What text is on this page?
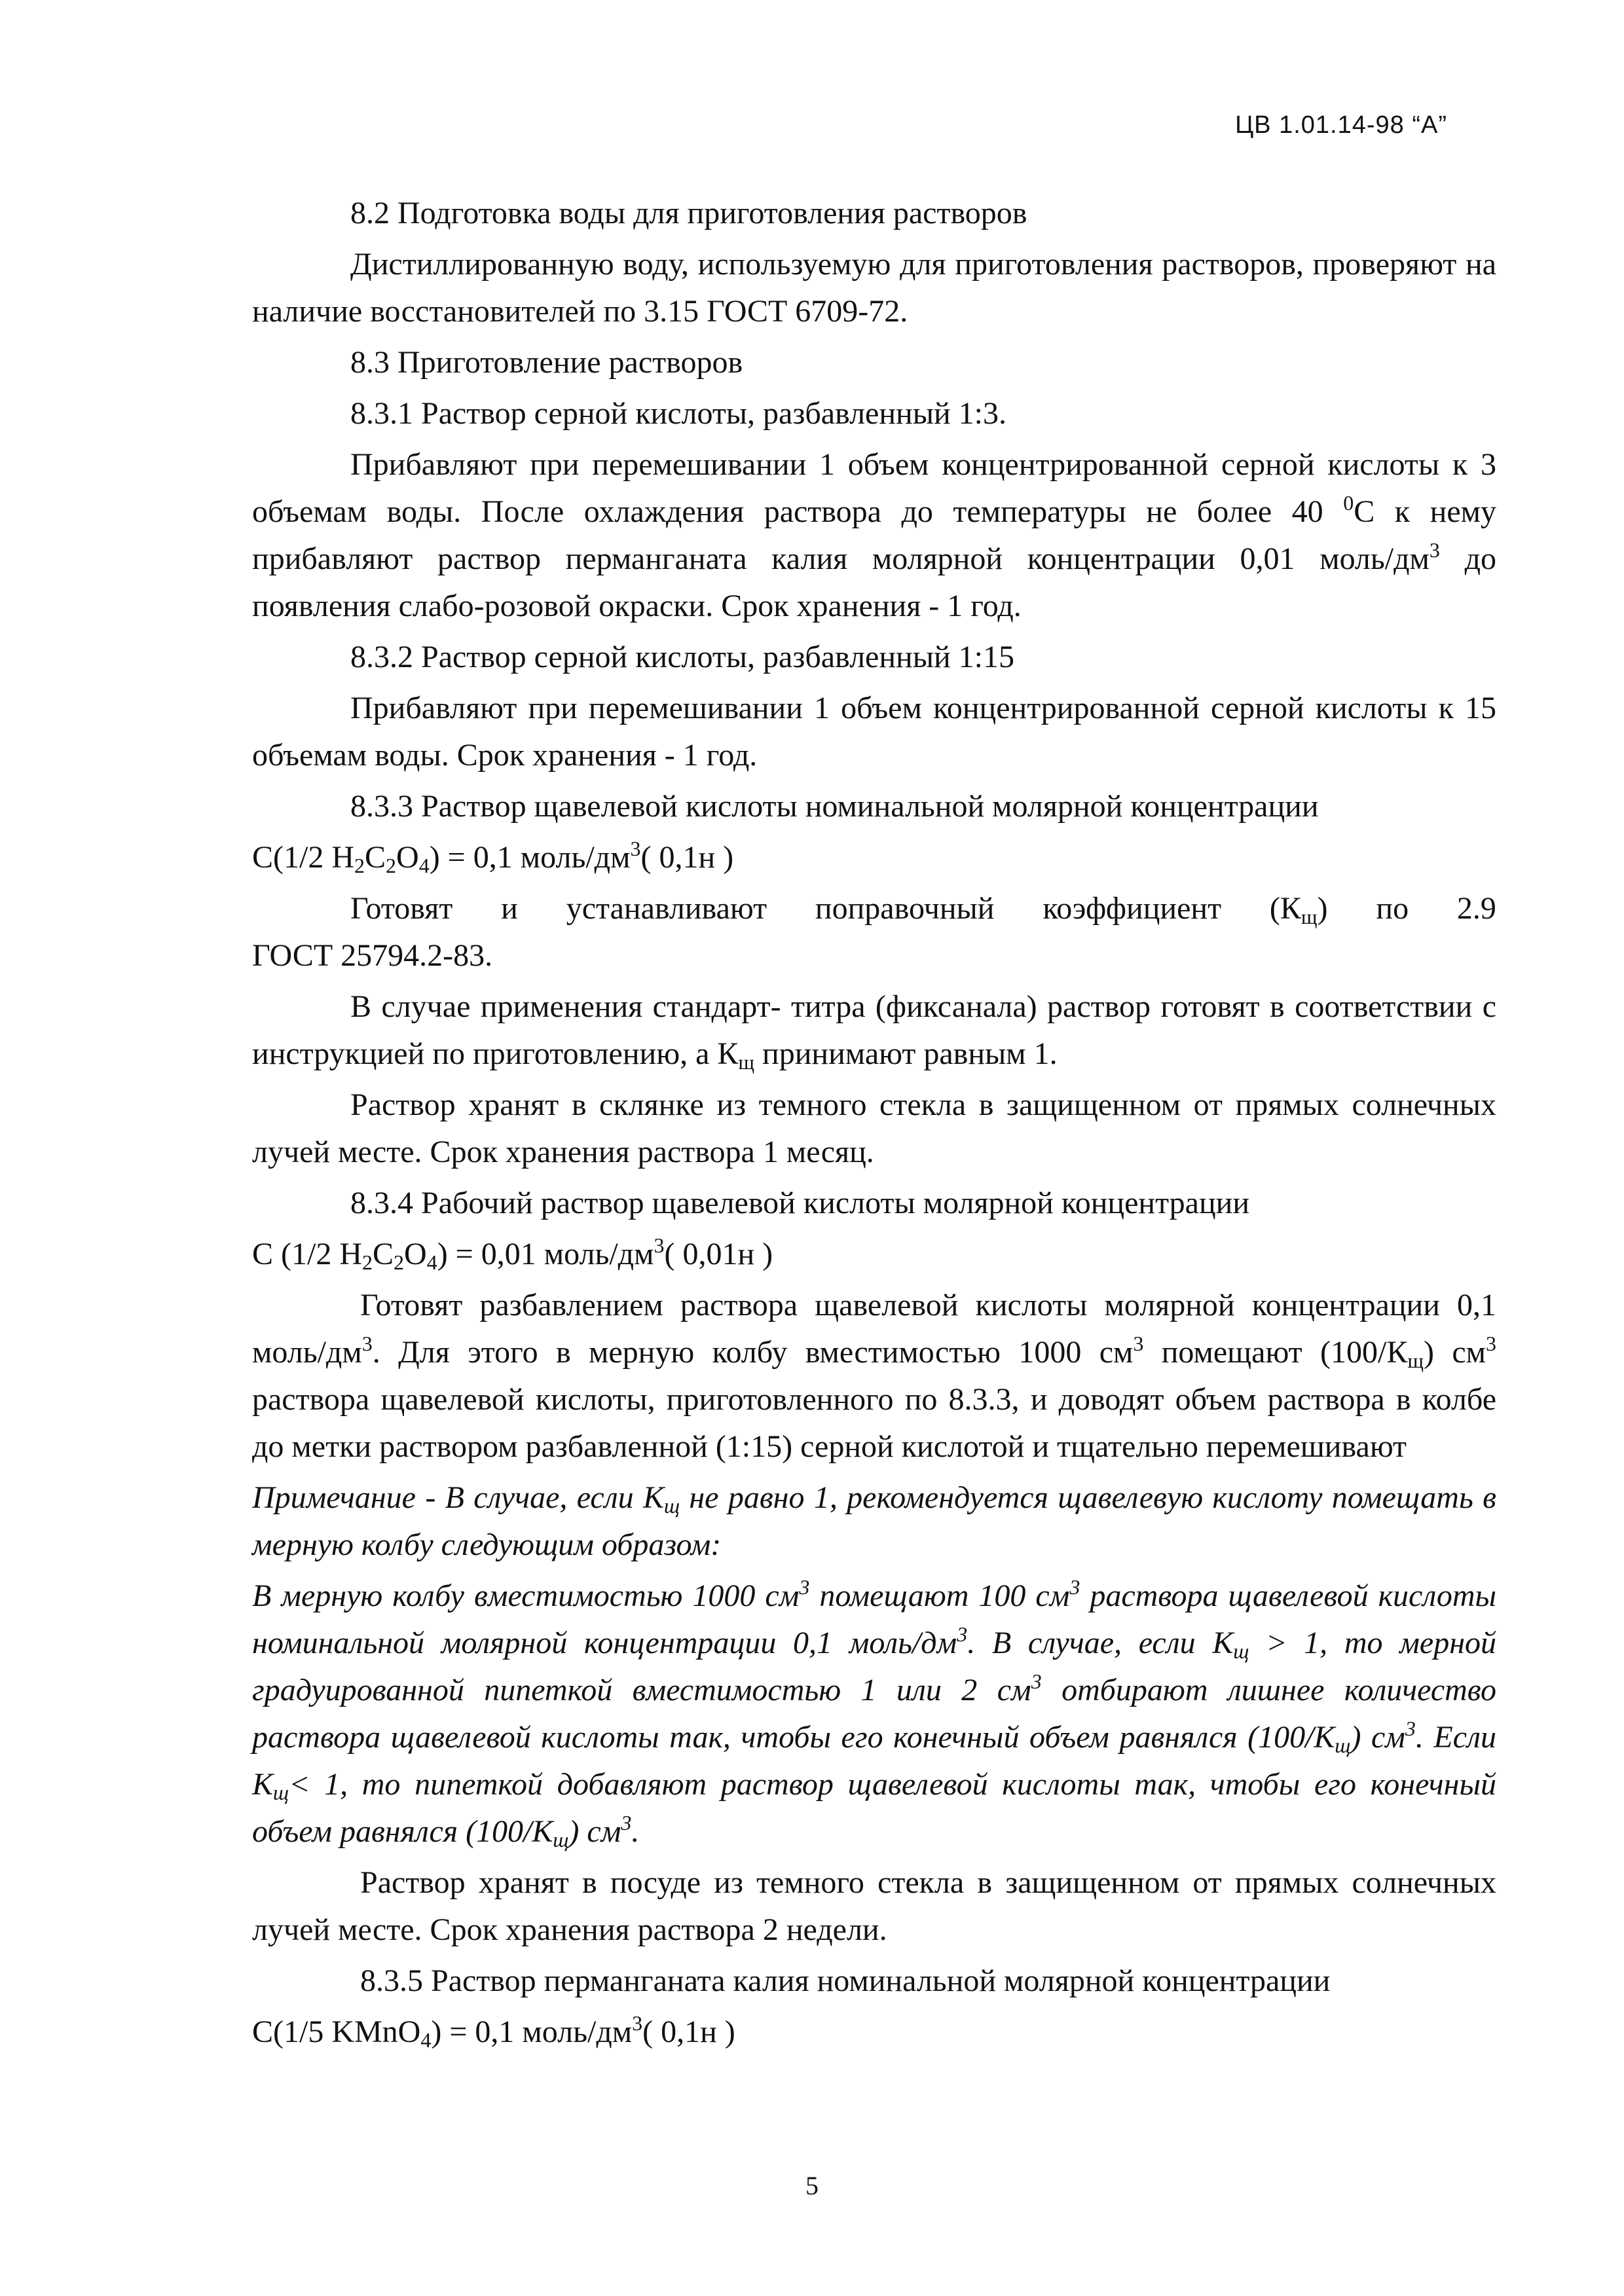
ЦВ 1.01.14-98 “А”

8.2 Подготовка воды для приготовления растворов

Дистиллированную воду, используемую для приготовления растворов, проверяют на наличие восстановителей по 3.15 ГОСТ 6709-72.

8.3 Приготовление растворов

8.3.1 Раствор серной кислоты, разбавленный 1:3.

Прибавляют при перемешивании 1 объем концентрированной серной кислоты к 3 объемам воды. После охлаждения раствора до температуры не более 40 $^0$С к нему прибавляют раствор перманганата калия молярной концентрации 0,01 моль/$дм^3$ до появления слабо-розовой окраски. Срок хранения - 1 год.

8.3.2 Раствор серной кислоты, разбавленный 1:15

Прибавляют при перемешивании 1 объем концентрированной серной кислоты к 15 объемам воды. Срок хранения - 1 год.

8.3.3 Раствор щавелевой кислоты номинальной молярной концентрации

С(1/2 $Н_2С_2О_4) = 0,1$ моль/$дм^3$( 0,1н )

Готовят и устанавливают поправочный коэффициент $(К_щ)$ по 2.9

ГОСТ 25794.2-83.

В случае применения стандарт- титра (фиксанала) раствор готовят в соответствии с инструкцией по приготовлению, а $К_щ$ принимают равным 1.

Раствор хранят в склянке из темного стекла в защищенном от прямых солнечных лучей месте. Срок хранения раствора 1 месяц.

8.3.4 Рабочий раствор щавелевой кислоты молярной концентрации

С (1/2 $Н_2С_2О_4) = 0,01$ моль/$дм^3$( 0,01н )

Готовят разбавлением раствора щавелевой кислоты молярной концентрации 0,1 моль/$дм^3$. Для этого в мерную колбу вместимостью 1000 $см^3$ помещают $(100/К_щ)$ $см^3$ раствора щавелевой кислоты, приготовленного по 8.3.3, и доводят объем раствора в колбе до метки раствором разбавленной (1:15) серной кислотой и тщательно перемешивают

Примечание - В случае, если $К_щ$ не равно 1, рекомендуется щавелевую кислоту помещать в мерную колбу следующим образом:

В мерную колбу вместимостью 1000 $см^3$ помещают 100 $см^3$ раствора щавелевой кислоты номинальной молярной концентрации 0,1 моль/$дм^3$. В случае, если $К_щ > 1$, то мерной градуированной пипеткой вместимостью 1 или 2 $см^3$ отбирают лишнее количество раствора щавелевой кислоты так, чтобы его конечный объем равнялся $(100/К_щ)$ $см^3$. Если $К_щ< 1$, то пипеткой добавляют раствор щавелевой кислоты так, чтобы его конечный объем равнялся $(100/К_щ)$ $см^3$.

Раствор хранят в посуде из темного стекла в защищенном от прямых солнечных лучей месте. Срок хранения раствора 2 недели.

8.3.5 Раствор перманганата калия номинальной молярной концентрации

С(1/5 KMnO$_4$) = 0,1 моль/$дм^3$( 0,1н )

5
